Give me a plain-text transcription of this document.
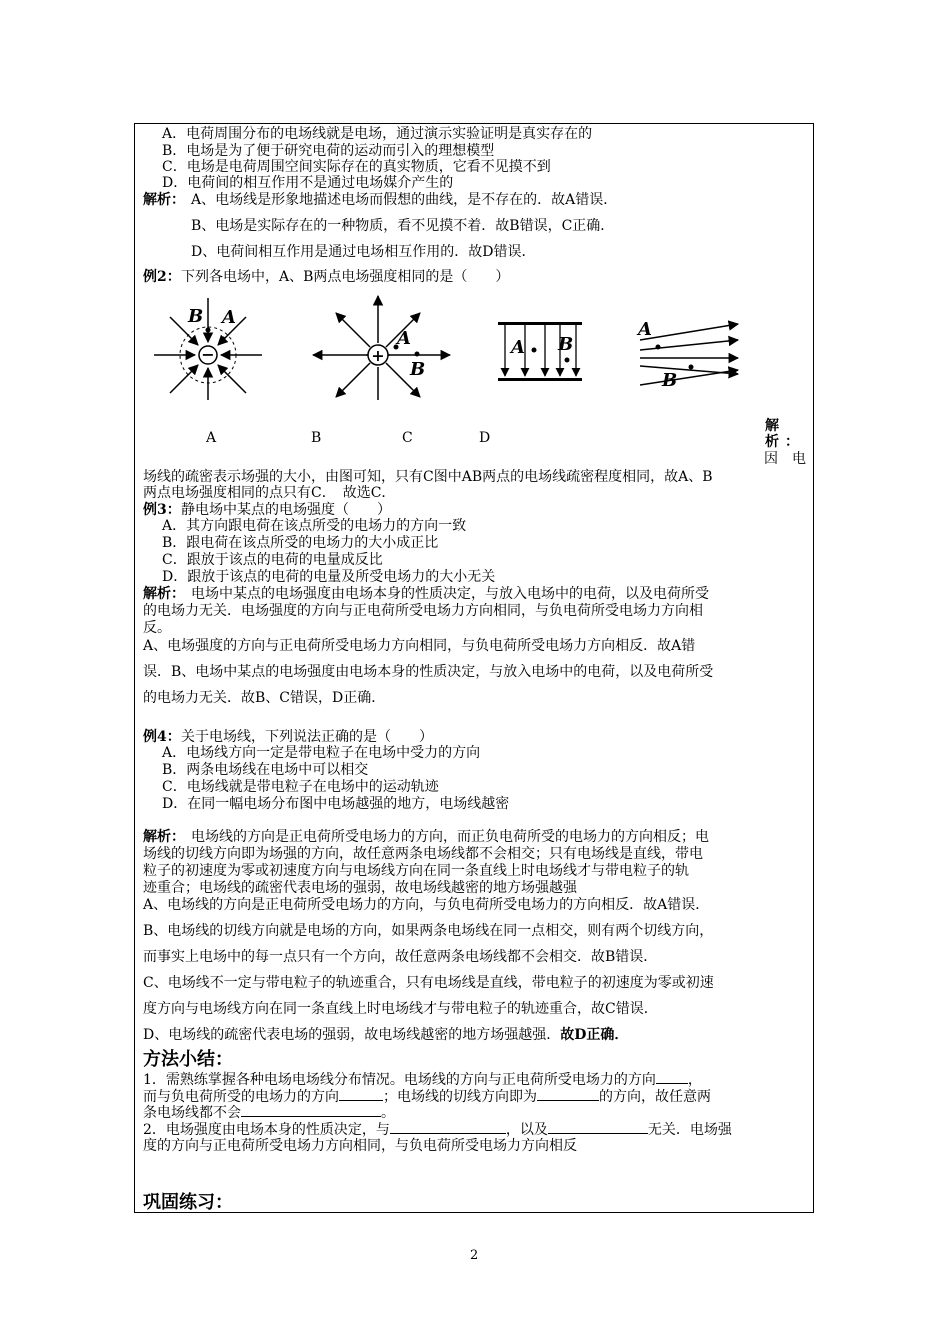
A．电荷周围分布的电场线就是电场，通过演示实验证明是真实存在的
B．电场是为了便于研究电荷的运动而引入的理想模型
C．电场是电荷周围空间实际存在的真实物质，它看不见摸不到
D．电荷间的相互作用不是通过电场媒介产生的
解析： A、电场线是形象地描述电场而假想的曲线，是不存在的．故A错误．
B、电场是实际存在的一种物质，看不见摸不着．故B错误，C正确．
D、电荷间相互作用是通过电场相互作用的．故D错误．
例2： 下列各电场中，A、B两点电场强度相同的是（　　）
−
B A
+
A
B
A B
A
B
A	B	C	D
解
析 ：
因　电
场线的疏密表示场强的大小，由图可知，只有C图中AB两点的电场线疏密程度相同，故A、B
两点电场强度相同的点只有C．　故选C．
例3： 静电场中某点的电场强度（　　）
A．其方向跟电荷在该点所受的电场力的方向一致
B．跟电荷在该点所受的电场力的大小成正比
C．跟放于该点的电荷的电量成反比
D．跟放于该点的电荷的电量及所受电场力的大小无关
解析： 电场中某点的电场强度由电场本身的性质决定，与放入电场中的电荷，以及电荷所受
的电场力无关．电场强度的方向与正电荷所受电场力方向相同，与负电荷所受电场力方向相
反。
A、电场强度的方向与正电荷所受电场力方向相同，与负电荷所受电场力方向相反．故A错
误．B、电场中某点的电场强度由电场本身的性质决定，与放入电场中的电荷，以及电荷所受
的电场力无关．故B、C错误，D正确．
例4： 关于电场线，下列说法正确的是（　　）
A．电场线方向一定是带电粒子在电场中受力的方向
B．两条电场线在电场中可以相交
C．电场线就是带电粒子在电场中的运动轨迹
D．在同一幅电场分布图中电场越强的地方，电场线越密
解析： 电场线的方向是正电荷所受电场力的方向，而正负电荷所受的电场力的方向相反；电
场线的切线方向即为场强的方向，故任意两条电场线都不会相交；只有电场线是直线，带电
粒子的初速度为零或初速度方向与电场线方向在同一条直线上时电场线才与带电粒子的轨
迹重合；电场线的疏密代表电场的强弱，故电场线越密的地方场强越强
A、电场线的方向是正电荷所受电场力的方向，与负电荷所受电场力的方向相反．故A错误．
B、电场线的切线方向就是电场的方向，如果两条电场线在同一点相交，则有两个切线方向，
而事实上电场中的每一点只有一个方向，故任意两条电场线都不会相交．故B错误．
C、电场线不一定与带电粒子的轨迹重合，只有电场线是直线，带电粒子的初速度为零或初速
度方向与电场线方向在同一条直线上时电场线才与带电粒子的轨迹重合，故C错误．
D、电场线的疏密代表电场的强弱，故电场线越密的地方场强越强．故D正确．
方法小结：
1．需熟练掌握各种电场电场线分布情况。电场线的方向与正电荷所受电场力的方向 ，
而与负电荷所受的电场力的方向	；电场线的切线方向即为	的方向，故任意两
条电场线都不会	。
2．电场强度由电场本身的性质决定，与	，以及	无关．电场强
度的方向与正电荷所受电场力方向相同，与负电荷所受电场力方向相反
巩固练习：
2
